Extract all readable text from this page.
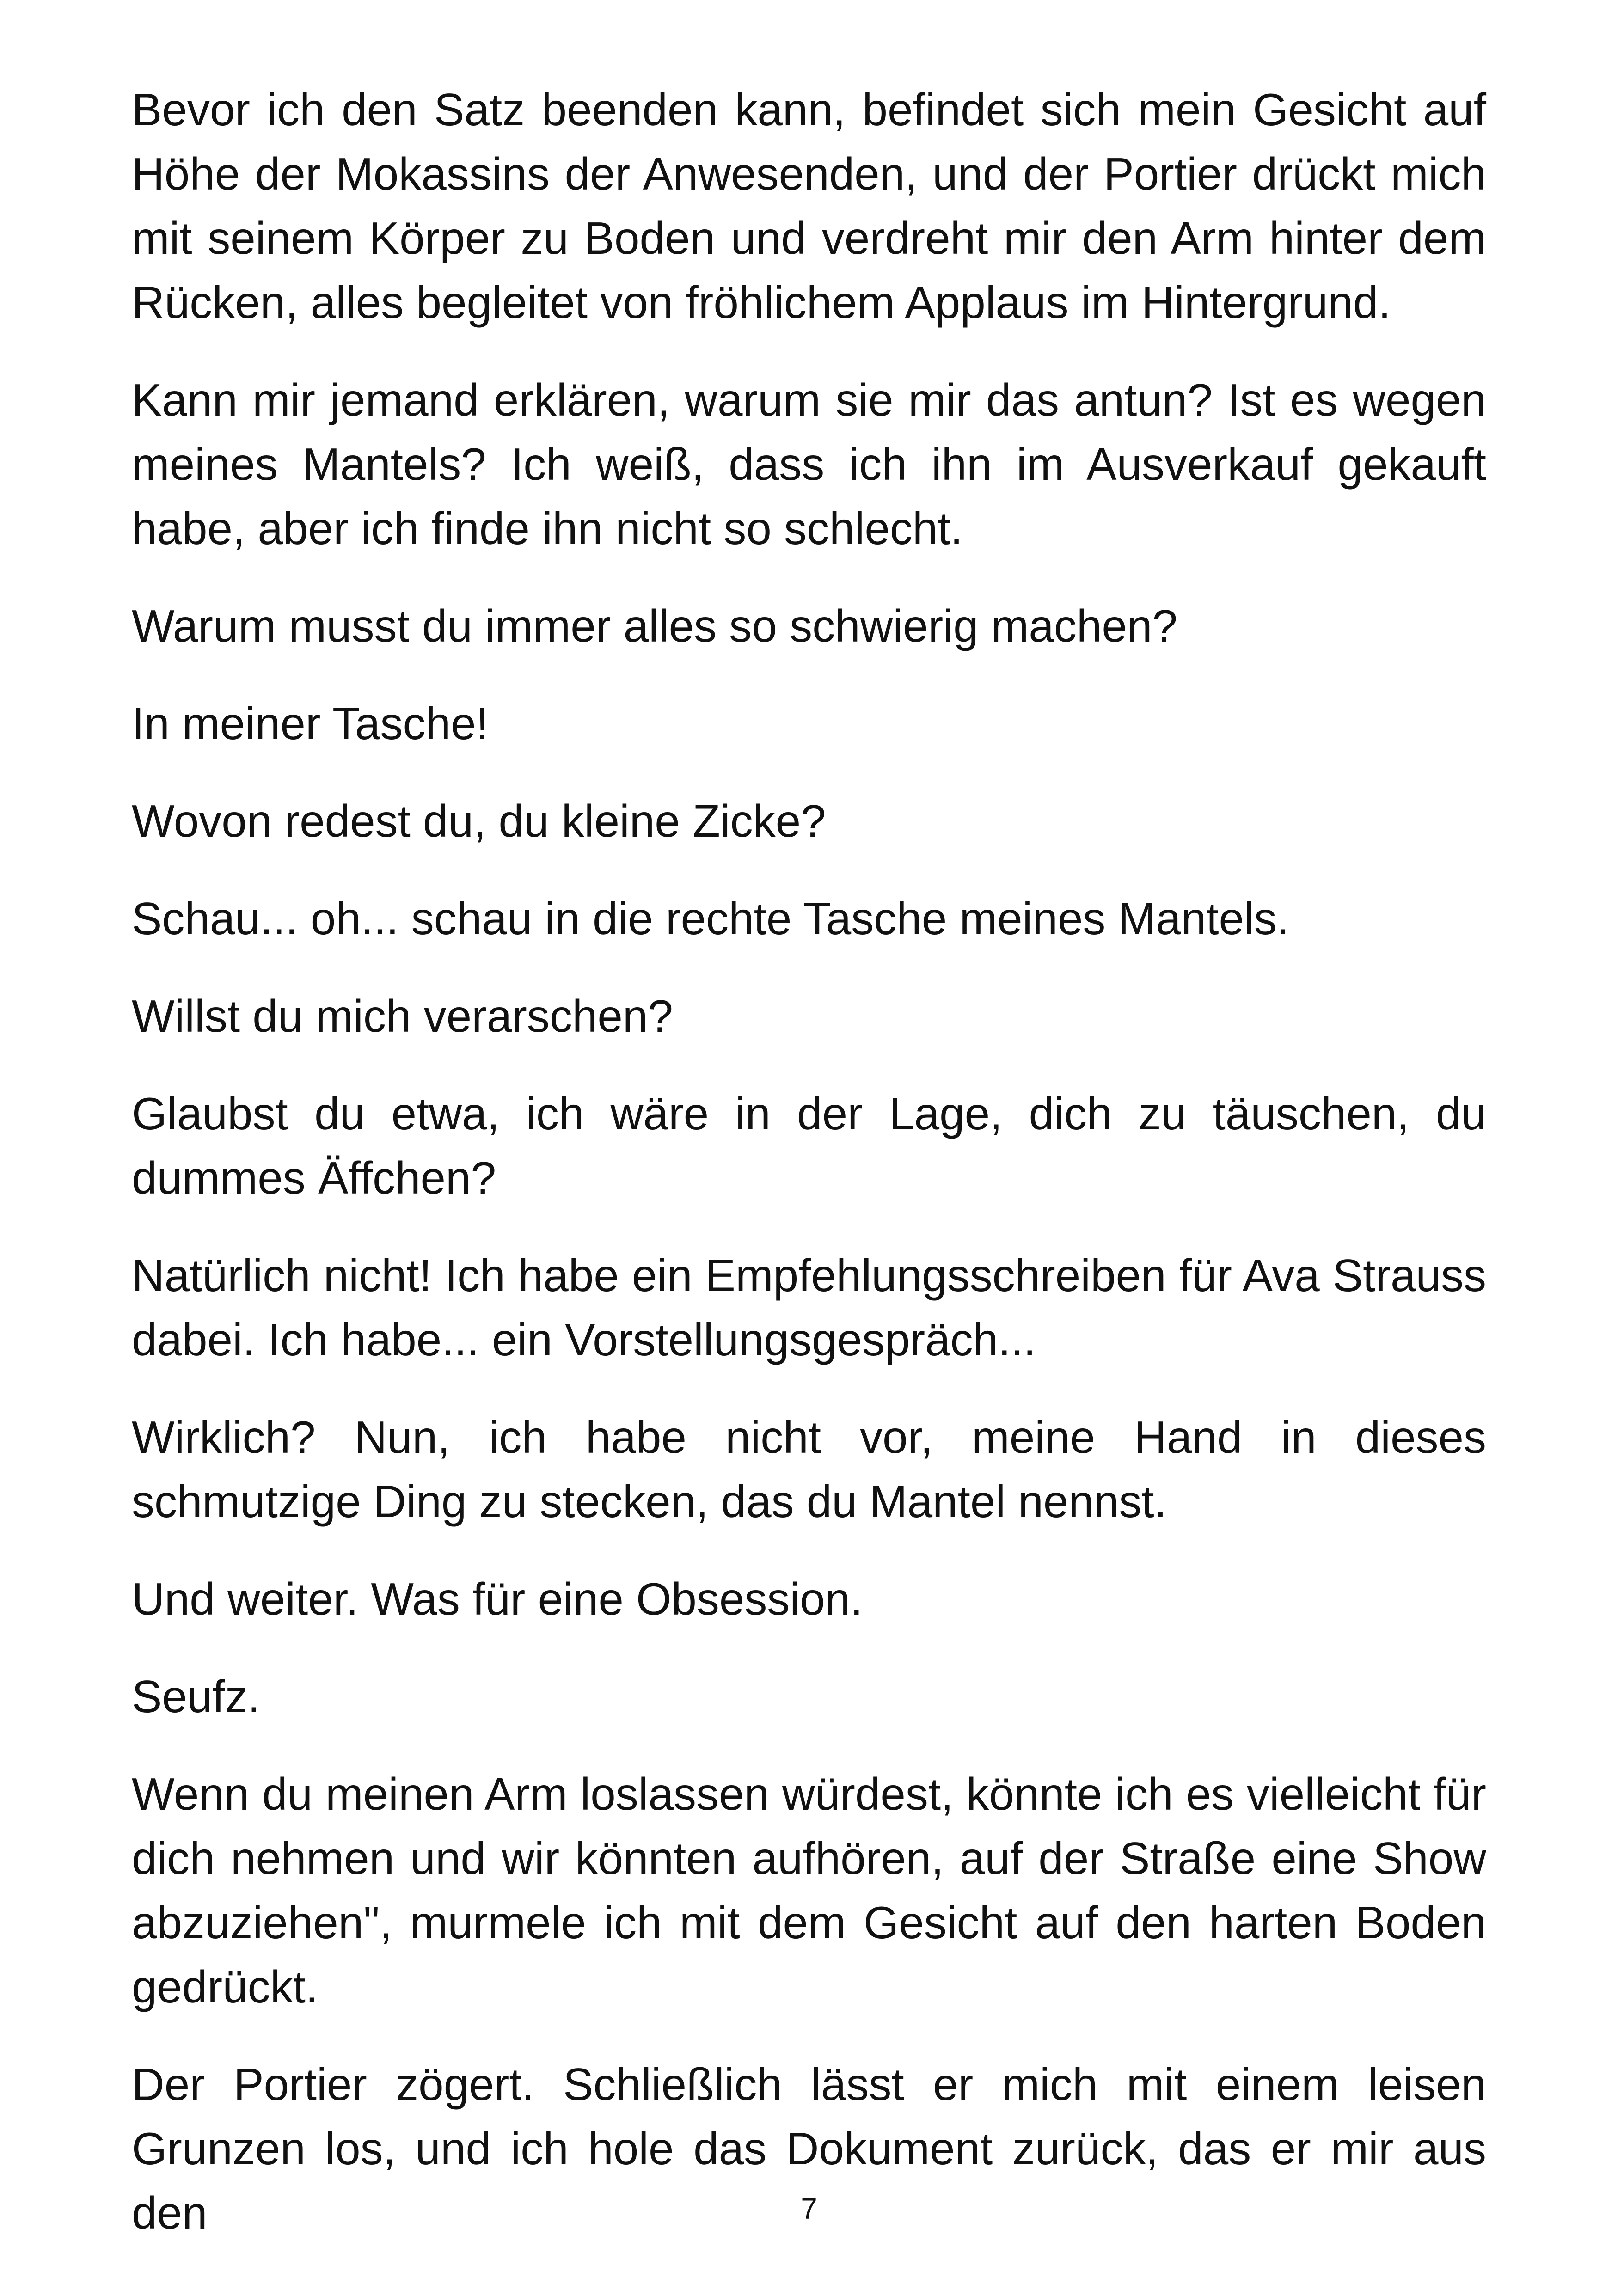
Bevor ich den Satz beenden kann, befindet sich mein Gesicht auf Höhe der Mokassins der Anwesenden, und der Portier drückt mich mit seinem Körper zu Boden und verdreht mir den Arm hinter dem Rücken, alles begleitet von fröhlichem Applaus im Hintergrund.

Kann mir jemand erklären, warum sie mir das antun? Ist es wegen meines Mantels? Ich weiß, dass ich ihn im Ausverkauf gekauft habe, aber ich finde ihn nicht so schlecht.

Warum musst du immer alles so schwierig machen?

In meiner Tasche!

Wovon redest du, du kleine Zicke?

Schau... oh... schau in die rechte Tasche meines Mantels.

Willst du mich verarschen?

Glaubst du etwa, ich wäre in der Lage, dich zu täuschen, du dummes Äffchen?

Natürlich nicht! Ich habe ein Empfehlungsschreiben für Ava Strauss dabei. Ich habe... ein Vorstellungsgespräch...

Wirklich? Nun, ich habe nicht vor, meine Hand in dieses schmutzige Ding zu stecken, das du Mantel nennst.

Und weiter. Was für eine Obsession.

Seufz.

Wenn du meinen Arm loslassen würdest, könnte ich es vielleicht für dich nehmen und wir könnten aufhören, auf der Straße eine Show abzuziehen", murmele ich mit dem Gesicht auf den harten Boden gedrückt.

Der Portier zögert. Schließlich lässt er mich mit einem leisen Grunzen los, und ich hole das Dokument zurück, das er mir aus den	7
